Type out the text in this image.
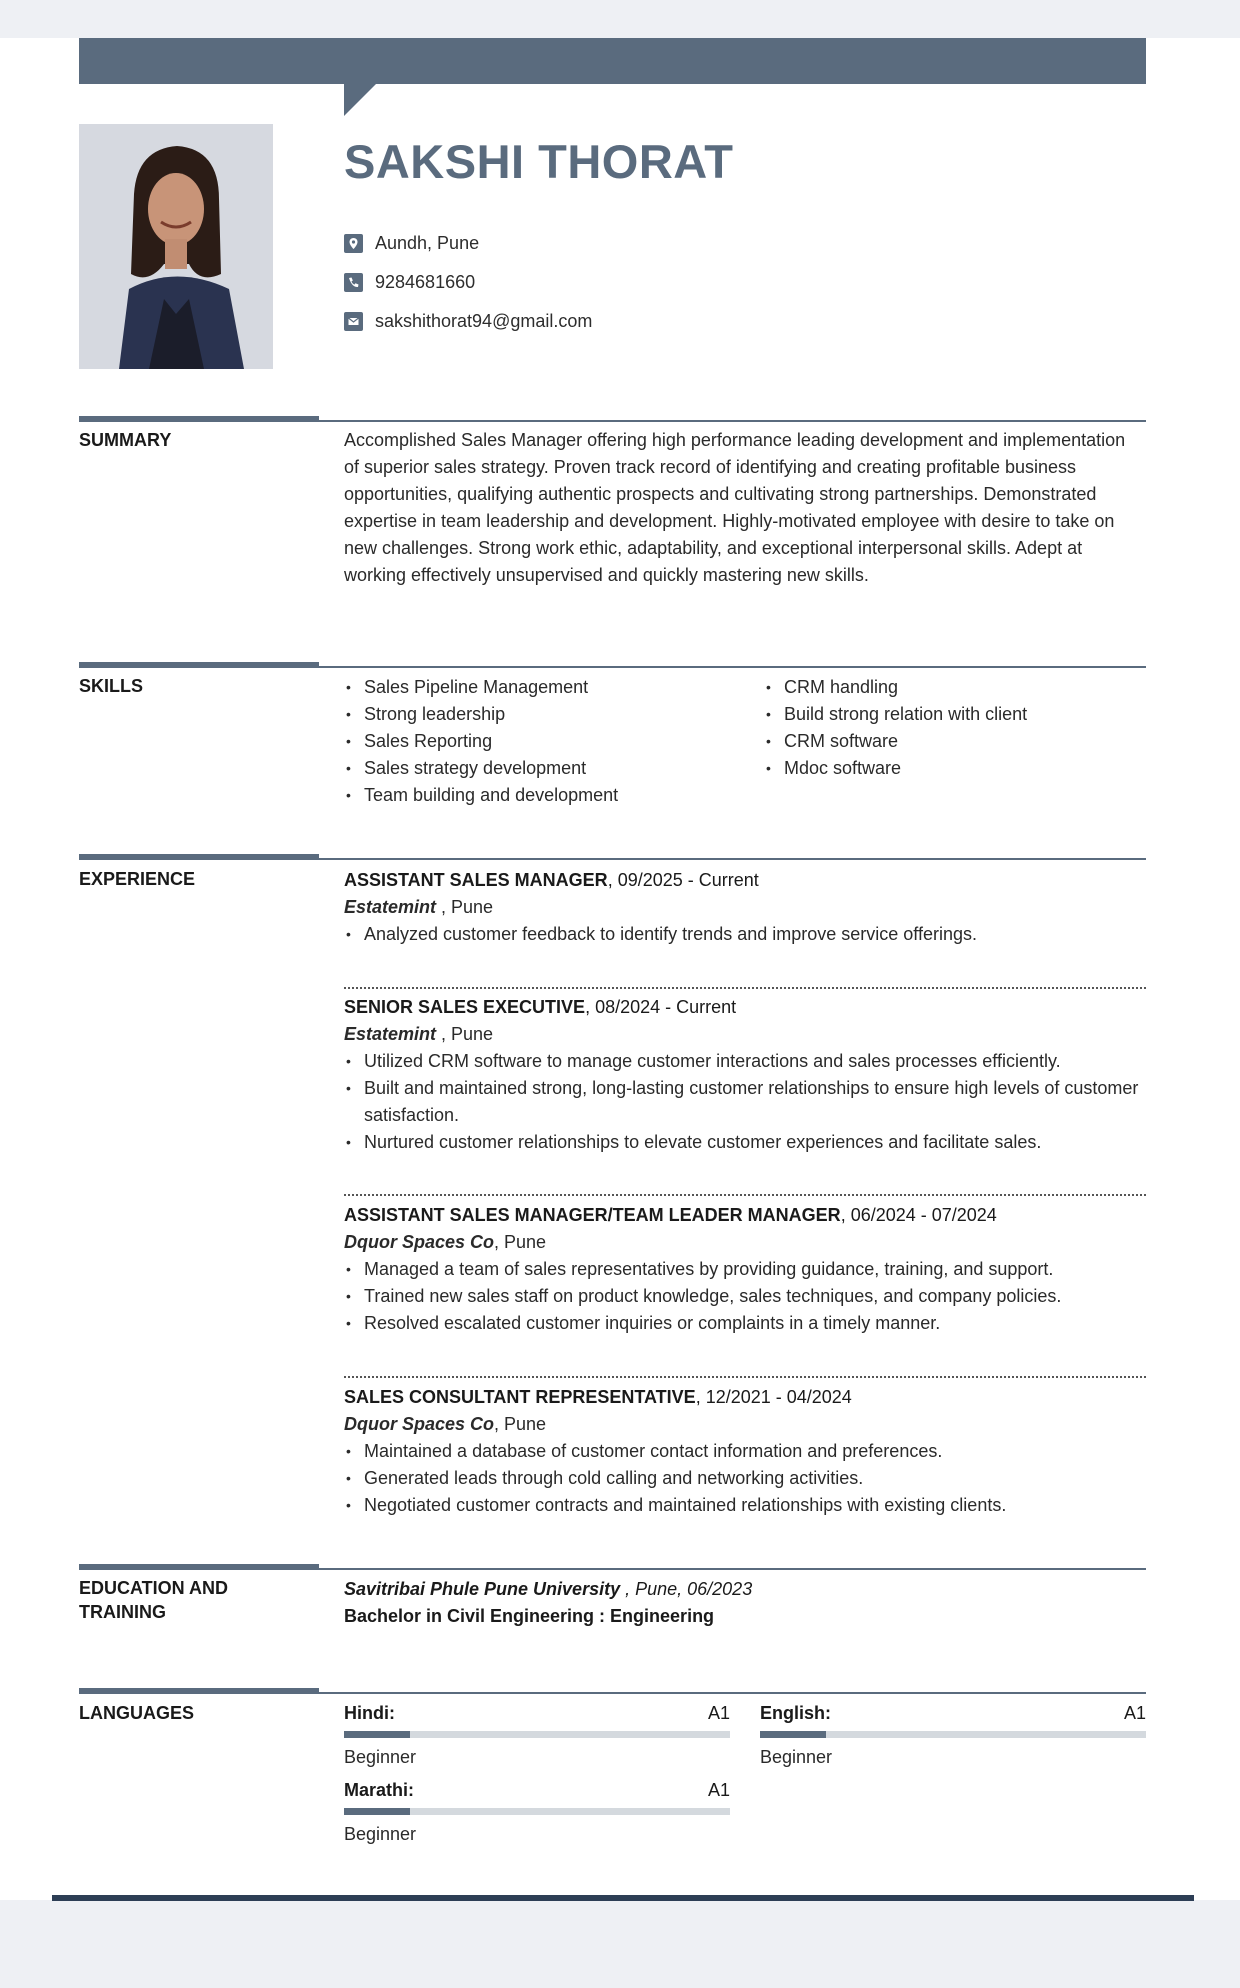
SAKSHI THORAT
Aundh, Pune
9284681660
sakshithorat94@gmail.com
SUMMARY	Accomplished Sales Manager offering high performance leading development and implementation of superior sales strategy. Proven track record of identifying and creating profitable business opportunities, qualifying authentic prospects and cultivating strong partnerships. Demonstrated expertise in team leadership and development. Highly-motivated employee with desire to take on new challenges. Strong work ethic, adaptability, and exceptional interpersonal skills. Adept at working effectively unsupervised and quickly mastering new skills.
SKILLS
•	Sales Pipeline Management
• Strong leadership
• Sales Reporting
• Sales strategy development
• Team building and development
• CRM handling
• Build strong relation with client
• CRM software
• Mdoc software
EXPERIENCE	ASSISTANT SALES MANAGER, 09/2025 - Current
Estatemint , Pune
• Analyzed customer feedback to identify trends and improve service offerings.
SENIOR SALES EXECUTIVE, 08/2024 - Current
Estatemint , Pune
• Utilized CRM software to manage customer interactions and sales processes efficiently.
• Built and maintained strong, long-lasting customer relationships to ensure high levels of customer satisfaction.
• Nurtured customer relationships to elevate customer experiences and facilitate sales.
ASSISTANT SALES MANAGER/TEAM LEADER MANAGER, 06/2024 - 07/2024
Dquor Spaces Co, Pune
• Managed a team of sales representatives by providing guidance, training, and support.
• Trained new sales staff on product knowledge, sales techniques, and company policies.
• Resolved escalated customer inquiries or complaints in a timely manner.
SALES CONSULTANT REPRESENTATIVE, 12/2021 - 04/2024
Dquor Spaces Co, Pune
• Maintained a database of customer contact information and preferences.
• Generated leads through cold calling and networking activities.
• Negotiated customer contracts and maintained relationships with existing clients.
EDUCATION AND
TRAINING
Savitribai Phule Pune University , Pune, 06/2023
Bachelor in Civil Engineering : Engineering
LANGUAGES	Hindi:	A1
Beginner
English:	A1
Beginner
Marathi:	A1
Beginner
